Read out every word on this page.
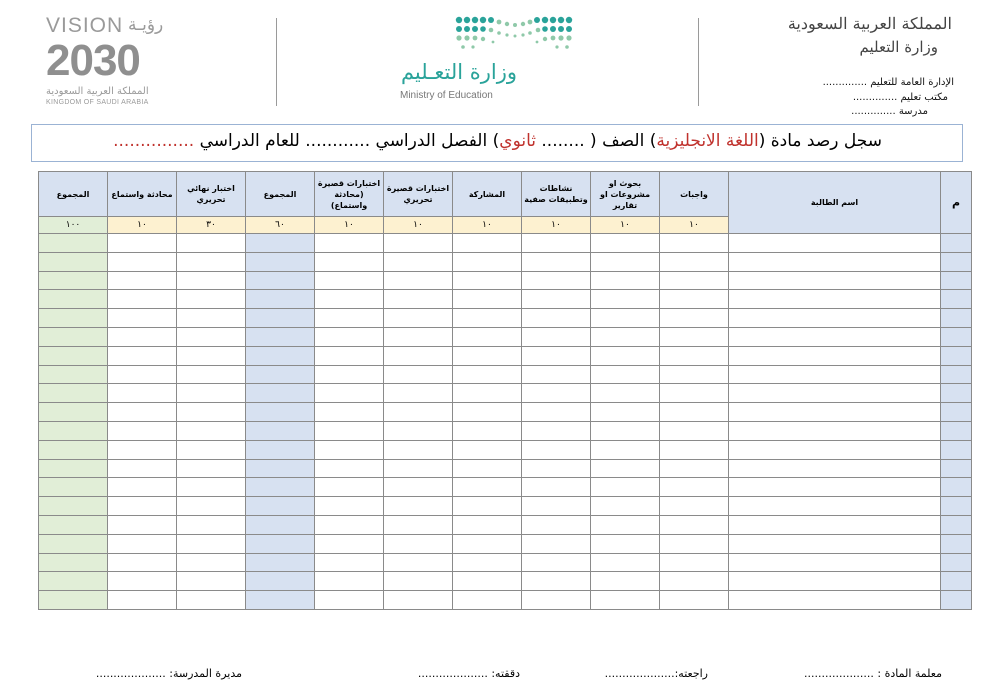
VISION رؤيـة
2030
المملكة العربية السعودية
KINGDOM OF SAUDI ARABIA
وزارة التعـليم
Ministry of Education
المملكة العربية السعودية
وزارة التعليم
الإدارة العامة للتعليم ..............
مكتب تعليم ..............
مدرسة ..............
سجل رصد مادة (اللغة الانجليزية) الصف ( ........ ثانوي) الفصل الدراسي ............ للعام الدراسي ...............
المجموع	محادثة واستماع	اختبار نهائي تحريري	المجموع	اختبارات قصيرة (محادثة واستماع)	اختبارات قصيرة تحريري	المشاركة	نشاطات وتطبيقات صفية	بحوث او مشروعات او تقارير	واجبات	اسم الطالبة	م
١٠٠	١٠	٣٠	٦٠	١٠	١٠	١٠	١٠	١٠	١٠		

معلمة المادة : ....................
راجعته:....................
دققته: ....................
مديرة المدرسة: ....................
